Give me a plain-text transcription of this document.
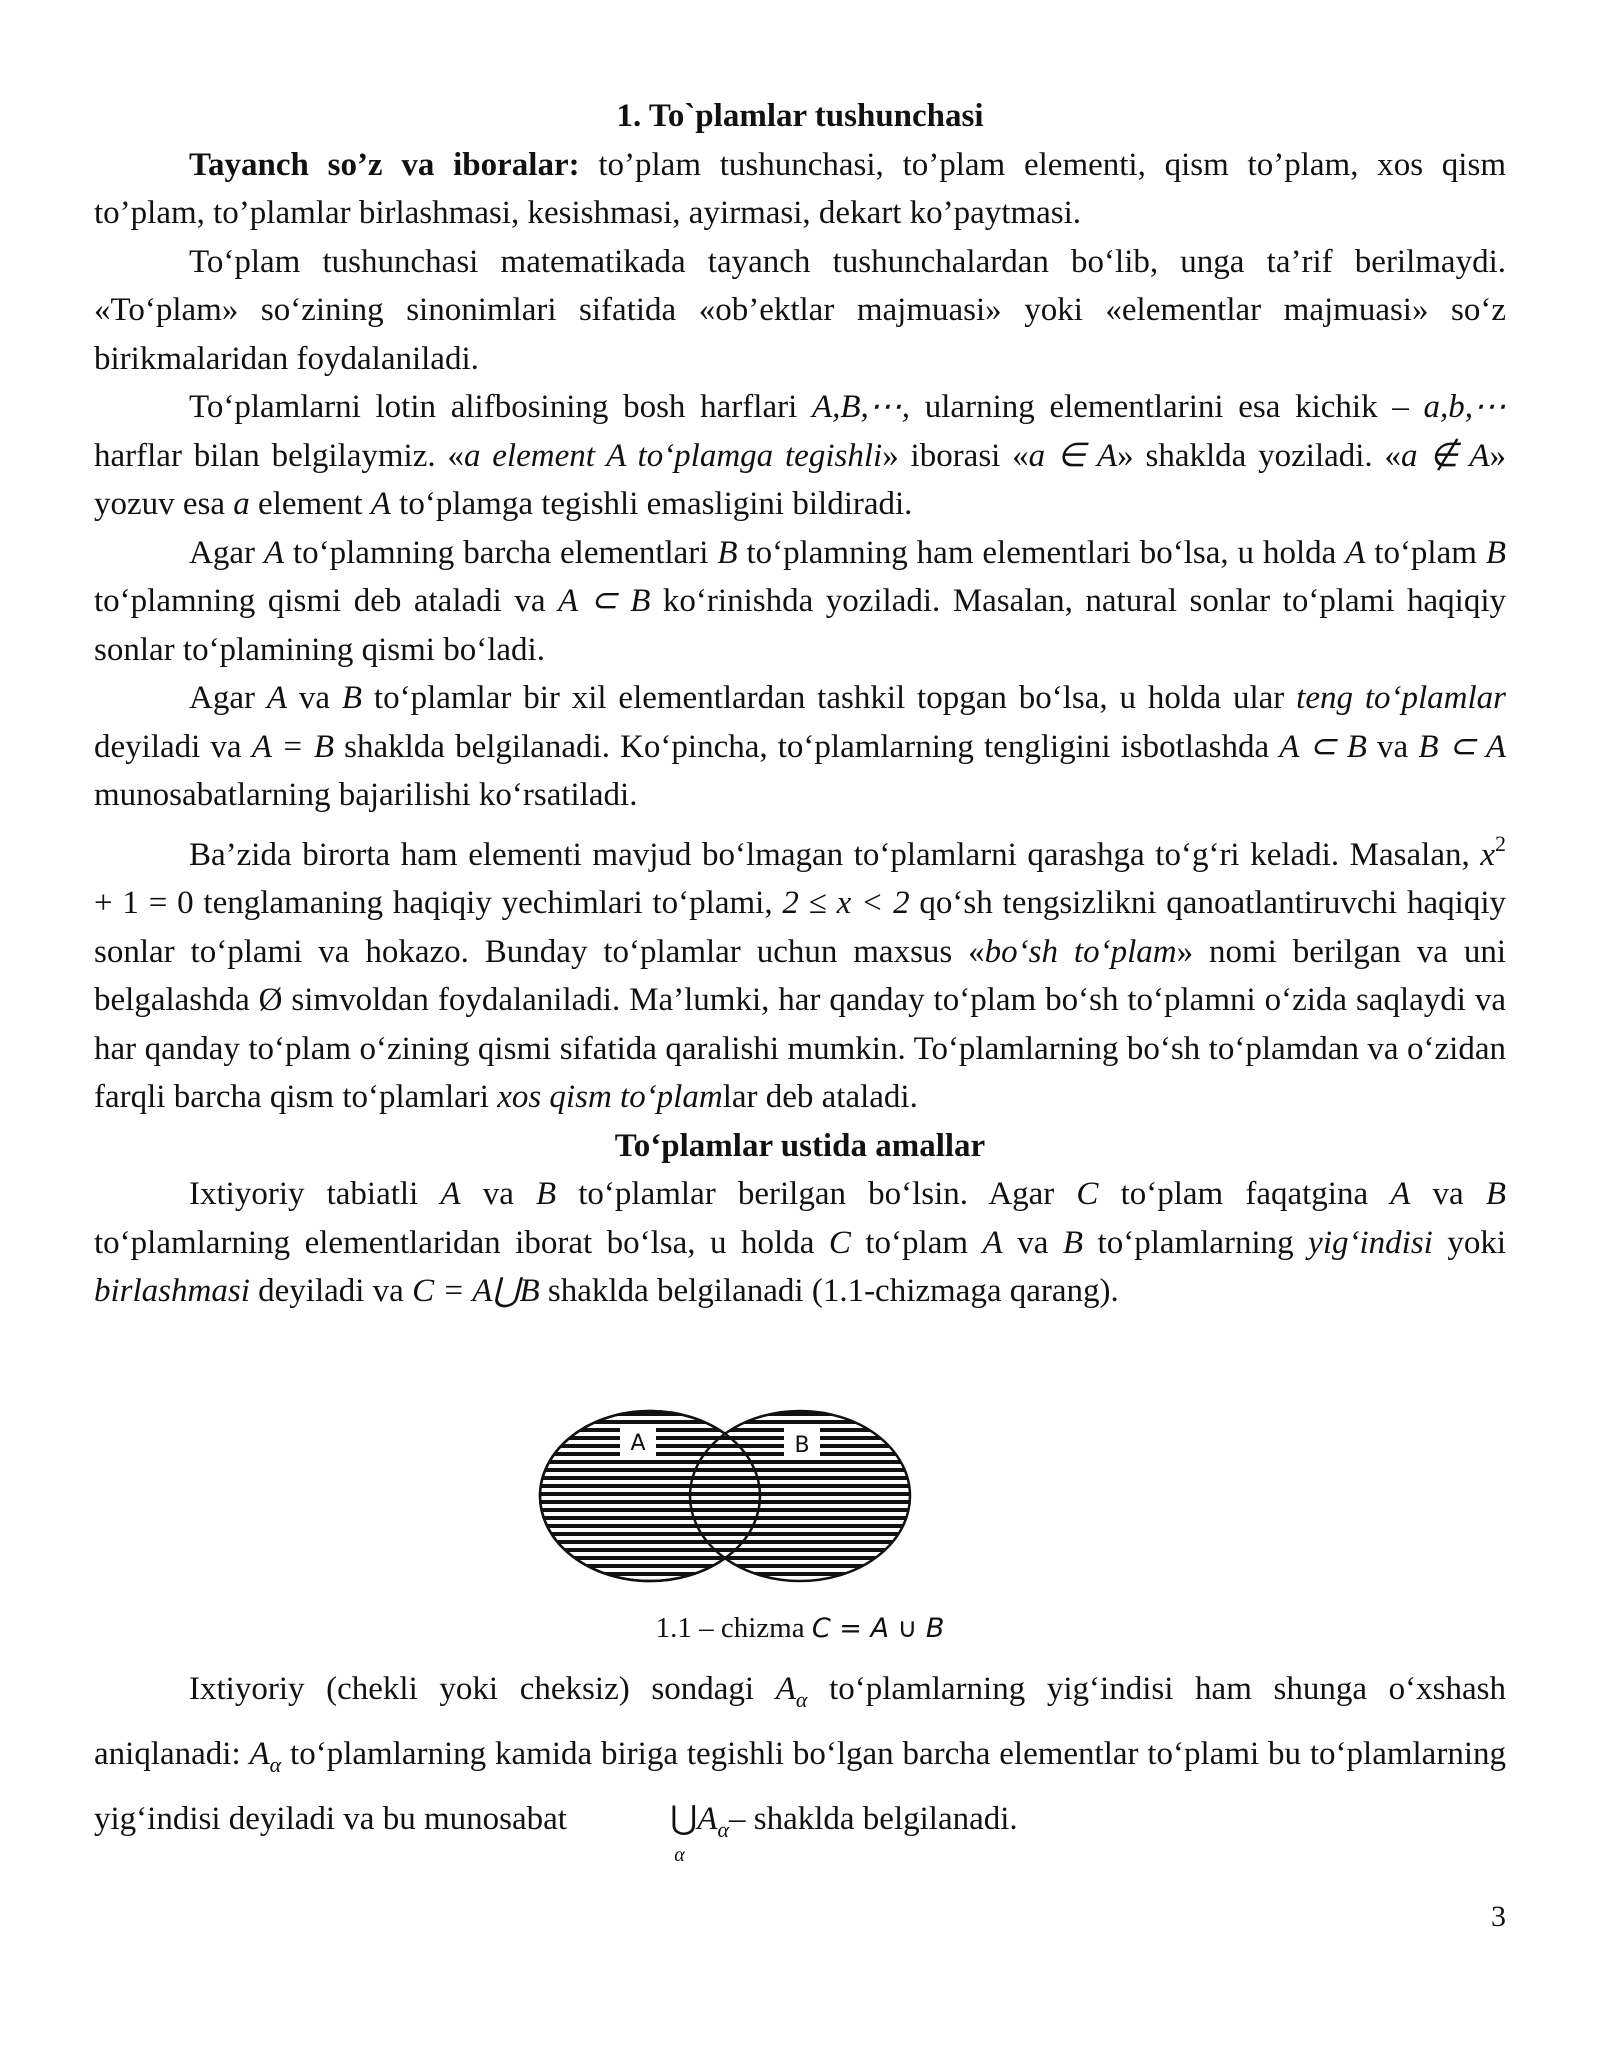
1. To`plamlar tushunchasi

Tayanch so’z va iboralar: to’plam tushunchasi, to’plam elementi, qism to’plam, xos qism to’plam, to’plamlar birlashmasi, kesishmasi, ayirmasi, dekart ko’paytmasi.

To‘plam tushunchasi matematikada tayanch tushunchalardan bo‘lib, unga ta’rif berilmaydi. «To‘plam» so‘zining sinonimlari sifatida «ob’ektlar majmuasi» yoki «elementlar majmuasi» so‘z birikmalaridan foydalaniladi.

To‘plamlarni lotin alifbosining bosh harflari A,B,⋯, ularning elementlarini esa kichik – a,b,⋯ harflar bilan belgilaymiz. «a element A to‘plamga tegishli» iborasi «a ∈ A» shaklda yoziladi. «a ∉ A» yozuv esa a element A to‘plamga tegishli emasligini bildiradi.

Agar A to‘plamning barcha elementlari B to‘plamning ham elementlari bo‘lsa, u holda A to‘plam B to‘plamning qismi deb ataladi va A ⊂ B ko‘rinishda yoziladi. Masalan, natural sonlar to‘plami haqiqiy sonlar to‘plamining qismi bo‘ladi.

Agar A va B to‘plamlar bir xil elementlardan tashkil topgan bo‘lsa, u holda ular teng to‘plamlar deyiladi va A = B shaklda belgilanadi. Ko‘pincha, to‘plamlarning tengligini isbotlashda A ⊂ B va B ⊂ A munosabatlarning bajarilishi ko‘rsatiladi.

Ba’zida birorta ham elementi mavjud bo‘lmagan to‘plamlarni qarashga to‘g‘ri keladi. Masalan, $x^2 + 1 = 0$ tenglamaning haqiqiy yechimlari to‘plami, 2 ≤ x < 2 qo‘sh tengsizlikni qanoatlantiruvchi haqiqiy sonlar to‘plami va hokazo. Bunday to‘plamlar uchun maxsus «bo‘sh to‘plam» nomi berilgan va uni belgalashda Ø simvoldan foydalaniladi. Ma’lumki, har qanday to‘plam bo‘sh to‘plamni o‘zida saqlaydi va har qanday to‘plam o‘zining qismi sifatida qaralishi mumkin. To‘plamlarning bo‘sh to‘plamdan va o‘zidan farqli barcha qism to‘plamlari xos qism to‘plamlar deb ataladi.

To‘plamlar ustida amallar

Ixtiyoriy tabiatli A va B to‘plamlar berilgan bo‘lsin. Agar C to‘plam faqatgina A va B to‘plamlarning elementlaridan iborat bo‘lsa, u holda C to‘plam A va B to‘plamlarning yig‘indisi yoki birlashmasi deyiladi va C = A⋃B shaklda belgilanadi (1.1-chizmaga qarang).

A	B
1.1 – chizma C = A ∪ B

Ixtiyoriy (chekli yoki cheksiz) sondagi $A_\alpha$ to‘plamlarning yig‘indisi ham shunga o‘xshash aniqlanadi: $A_\alpha$ to‘plamlarning kamida biriga tegishli bo‘lgan barcha elementlar to‘plami bu to‘plamlarning yig‘indisi deyiladi va bu munosabat	⋃
α
$A_\alpha-$ shaklda belgilanadi.

3
